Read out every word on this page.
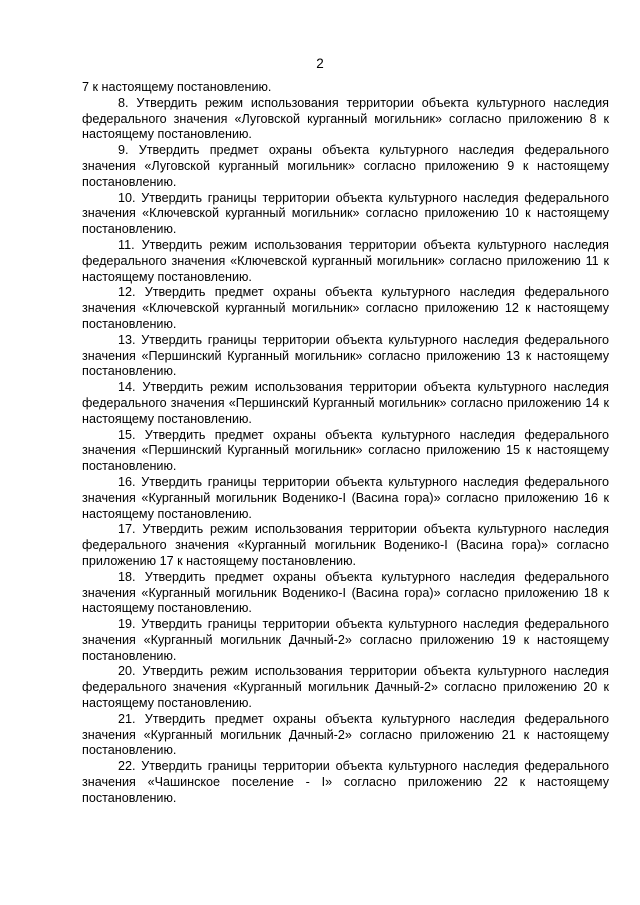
2

7 к настоящему постановлению.

8. Утвердить режим использования территории объекта культурного наследия федерального значения «Луговской курганный могильник» согласно приложению 8 к настоящему постановлению.

9. Утвердить предмет охраны объекта культурного наследия федерального значения «Луговской курганный могильник» согласно приложению 9 к настоящему постановлению.

10. Утвердить границы территории объекта культурного наследия федерального значения «Ключевской курганный могильник» согласно приложению 10 к настоящему постановлению.

11. Утвердить режим использования территории объекта культурного наследия федерального значения «Ключевской курганный могильник» согласно приложению 11 к настоящему постановлению.

12. Утвердить предмет охраны объекта культурного наследия федерального значения «Ключевской курганный могильник» согласно приложению 12 к настоящему постановлению.

13. Утвердить границы территории объекта культурного наследия федерального значения «Першинский Курганный могильник» согласно приложению 13 к настоящему постановлению.

14. Утвердить режим использования территории объекта культурного наследия федерального значения «Першинский Курганный могильник» согласно приложению 14 к настоящему постановлению.

15. Утвердить предмет охраны объекта культурного наследия федерального значения «Першинский Курганный могильник» согласно приложению 15 к настоящему постановлению.

16. Утвердить границы территории объекта культурного наследия федерального значения «Курганный могильник Воденико-I (Васина гора)» согласно приложению 16 к настоящему постановлению.

17. Утвердить режим использования территории объекта культурного наследия федерального значения «Курганный могильник Воденико-I (Васина гора)» согласно приложению 17 к настоящему постановлению.

18. Утвердить предмет охраны объекта культурного наследия федерального значения «Курганный могильник Воденико-I (Васина гора)» согласно приложению 18 к настоящему постановлению.

19. Утвердить границы территории объекта культурного наследия федерального значения «Курганный могильник Дачный-2» согласно приложению 19 к настоящему постановлению.

20. Утвердить режим использования территории объекта культурного наследия федерального значения «Курганный могильник Дачный-2» согласно приложению 20 к настоящему постановлению.

21. Утвердить предмет охраны объекта культурного наследия федерального значения «Курганный могильник Дачный-2» согласно приложению 21 к настоящему постановлению.

22. Утвердить границы территории объекта культурного наследия федерального значения «Чашинское поселение - I» согласно приложению 22 к настоящему постановлению.
